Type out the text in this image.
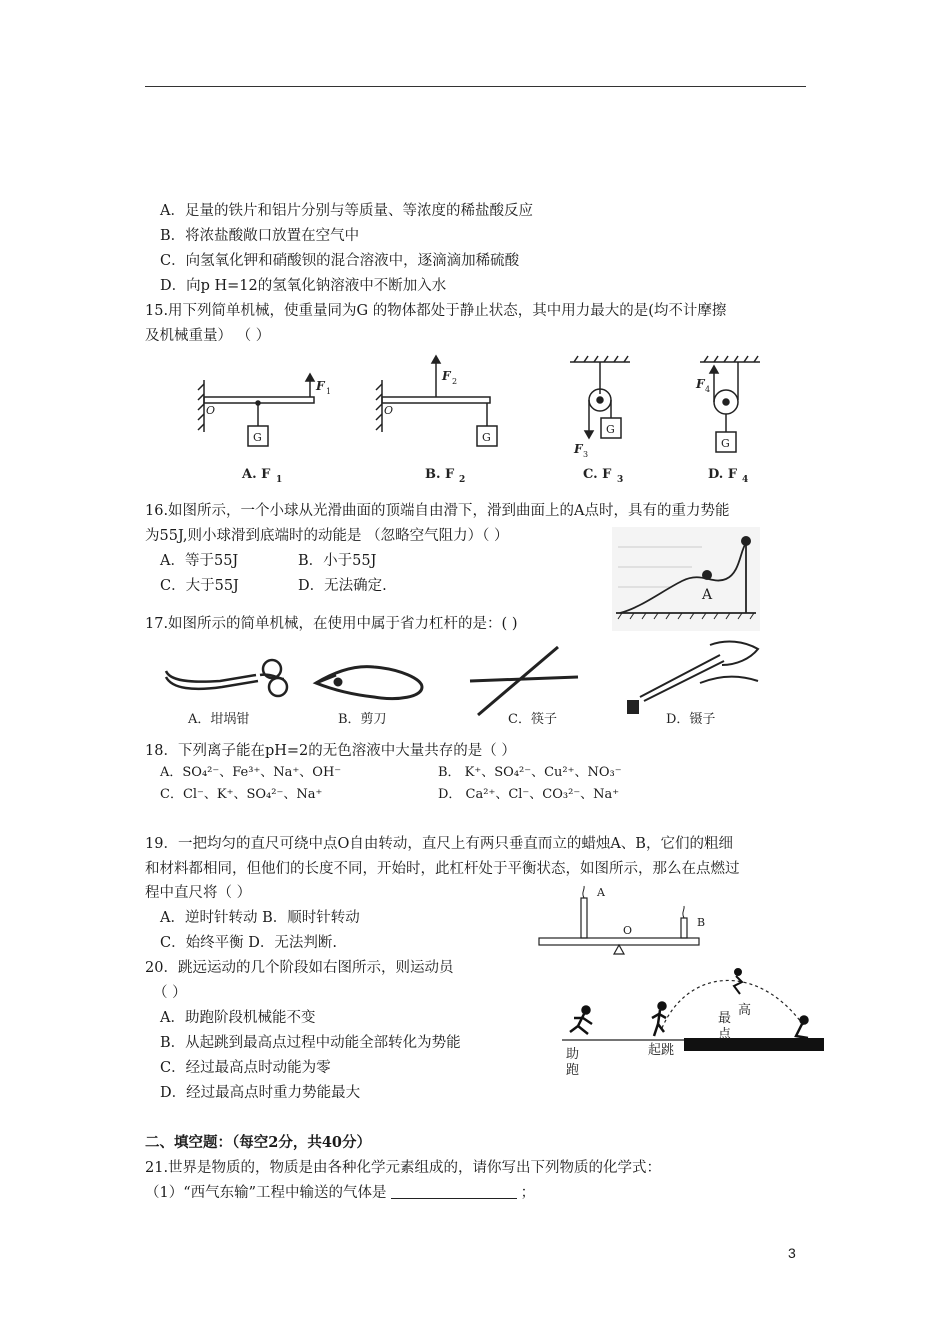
A．足量的铁片和铝片分别与等质量、等浓度的稀盐酸反应
B．将浓盐酸敞口放置在空气中
C．向氢氧化钾和硝酸钡的混合溶液中，逐滴滴加稀硫酸
D．向p H=12的氢氧化钠溶液中不断加入水
15.用下列简单机械，使重量同为G 的物体都处于静止状态，其中用力最大的是(均不计摩擦
及机械重量） （ ）
O
F 1
G
A. F 1
O
F 2
G
B. F 2
F 3
G
C. F 3
F 4
G
D. F 4
16.如图所示，一个小球从光滑曲面的顶端自由滑下，滑到曲面上的A点时，具有的重力势能
为55J,则小球滑到底端时的动能是 （忽略空气阻力）（ ）
A．等于55J	B．小于55J
C．大于55J	D．无法确定.
A
17.如图所示的简单机械，在使用中属于省力杠杆的是：( )
A．坩埚钳	B．剪刀	C．筷子	D．镊子
18．下列离子能在pH=2的无色溶液中大量共存的是（ ）
A．SO₄²⁻、Fe³⁺、Na⁺、OH⁻	B． K⁺、SO₄²⁻、Cu²⁺、NO₃⁻
C．Cl⁻、K⁺、SO₄²⁻、Na⁺	D． Ca²⁺、Cl⁻、CO₃²⁻、Na⁺
19．一把均匀的直尺可绕中点O自由转动，直尺上有两只垂直而立的蜡烛A、B，它们的粗细
和材料都相同，但他们的长度不同，开始时，此杠杆处于平衡状态，如图所示，那么在点燃过
程中直尺将（ ）
A．逆时针转动 B．顺时针转动
C．始终平衡 D．无法判断.
A
B
O
20．跳远运动的几个阶段如右图所示，则运动员
（ ）
A．助跑阶段机械能不变
B．从起跳到最高点过程中动能全部转化为势能
C．经过最高点时动能为零
D．经过最高点时重力势能最大
助
跑
起跳
最
高
点
二、填空题：（每空2分，共40分）
21.世界是物质的，物质是由各种化学元素组成的，请你写出下列物质的化学式：
（1）“西气东输”工程中输送的气体是	；
3
